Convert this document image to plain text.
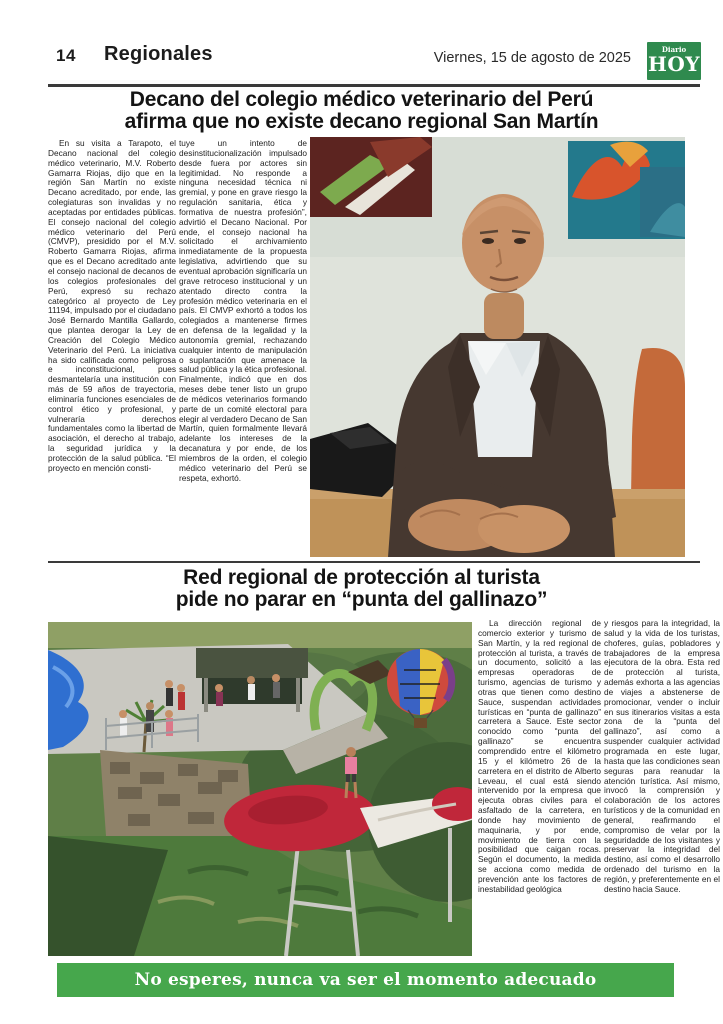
14 Regionales	Viernes, 15 de agosto de 2025
Diario
HOY
Decano del colegio médico veterinario del Perú
afirma que no existe decano regional San Martín
En su visita a Tarapoto, el Decano nacional del colegio médico veterinario, M.V. Roberto Gamarra Riojas, dijo que en la región San Martín no existe Decano acreditado, por ende, las colegiaturas son invalidas y no aceptadas por entidades públicas. El consejo nacional del colegio médico veterinario del Perú (CMVP), presidido por el M.V. Roberto Gamarra Riojas, afirma que es el Decano acreditado ante el consejo nacional de decanos de los colegios profesionales del Perú, expresó su rechazo categórico al proyecto de Ley 11194, impulsado por el ciudadano José Bernardo Mantilla Gallardo, que plantea derogar la Ley de Creación del Colegio Médico Veterinario del Perú. La iniciativa ha sido calificada como peligrosa e inconstitucional, pues desmantelaría una institución con más de 59 años de trayectoria, eliminaría funciones esenciales de control ético y profesional, y vulneraría derechos fundamentales como la libertad de asociación, el derecho al trabajo, la seguridad jurídica y la protección de la salud pública. “El proyecto en mención consti-
tuye un intento de desinstitucionalización impulsado desde fuera por actores sin legitimidad. No responde a ninguna necesidad técnica ni gremial, y pone en grave riesgo la regulación sanitaria, ética y formativa de nuestra profesión”, advirtió el Decano Nacional. Por ende, el consejo nacional ha solicitado el archivamiento inmediatamente de la propuesta legislativa, advirtiendo que su eventual aprobación significaría un grave retroceso institucional y un atentado directo contra la profesión médico veterinaria en el país. El CMVP exhortó a todos los colegiados a mantenerse firmes en defensa de la legalidad y la autonomía gremial, rechazando cualquier intento de manipulación o suplantación que amenace la salud pública y la ética profesional. Finalmente, indicó que en dos meses debe tener listo un grupo de médicos veterinarios formando parte de un comité electoral para elegir al verdadero Decano de San Martín, quien formalmente llevará adelante los intereses de la decanatura y por ende, de los miembros de la orden, el colegio médico veterinario del Perú se respeta, exhortó.
Red regional de protección al turista
pide no parar en “punta del gallinazo”
La dirección regional de comercio exterior y turismo de San Martín, y la red regional de protección al turista, a través de un documento, solicitó a las empresas operadoras de turismo, agencias de turismo y otras que tienen como destino Sauce, suspendan actividades turísticas en “punta de gallinazo” carretera a Sauce. Este sector conocido como “punta del gallinazo” se encuentra comprendido entre el kilómetro 15 y el kilómetro 26 de la carretera en el distrito de Alberto Leveau, el cual está siendo intervenido por la empresa que ejecuta obras civiles para el asfaltado de la carretera, en donde hay movimiento de maquinaria, y por ende, movimiento de tierra con la posibilidad que caigan rocas. Según el documento, la medida se acciona como medida de prevención ante los factores de inestabilidad geológica
y riesgos para la integridad, la salud y la vida de los turistas, choferes, guías, pobladores y trabajadores de la empresa ejecutora de la obra. Esta red de protección al turista, además exhorta a las agencias de viajes a abstenerse de promocionar, vender o incluir en sus itinerarios visitas a esta zona de la “punta del gallinazo”, así como a suspender cualquier actividad programada en este lugar, hasta que las condiciones sean seguras para reanudar la atención turística. Así mismo, invocó la comprensión y colaboración de los actores turísticos y de la comunidad en general, reafirmando el compromiso de velar por la seguridadde de los visitantes y preservar la integridad del destino, así como el desarrollo ordenado del turismo en la región, y preferentemente en el destino hacia Sauce.
No esperes, nunca va ser el momento adecuado
